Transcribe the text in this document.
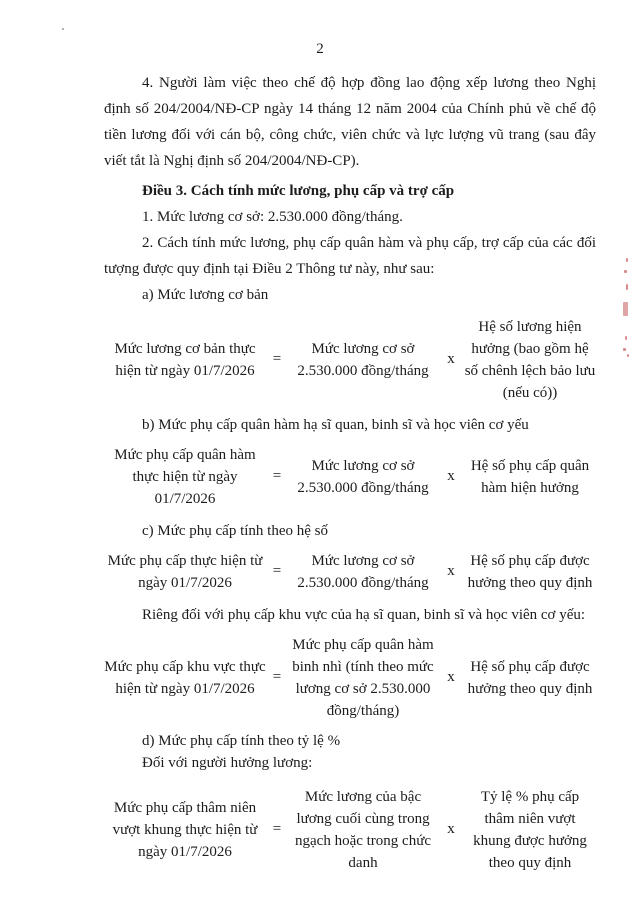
2

4. Người làm việc theo chế độ hợp đồng lao động xếp lương theo Nghị định số 204/2004/NĐ-CP ngày 14 tháng 12 năm 2004 của Chính phủ về chế độ tiền lương đối với cán bộ, công chức, viên chức và lực lượng vũ trang (sau đây viết tắt là Nghị định số 204/2004/NĐ-CP).

Điều 3. Cách tính mức lương, phụ cấp và trợ cấp

1. Mức lương cơ sở: 2.530.000 đồng/tháng.

2. Cách tính mức lương, phụ cấp quân hàm và phụ cấp, trợ cấp của các đối tượng được quy định tại Điều 2 Thông tư này, như sau:

a) Mức lương cơ bản

Mức lương cơ bản thực hiện từ ngày 01/7/2026
=
Mức lương cơ sở 2.530.000 đồng/tháng
x
Hệ số lương hiện hưởng (bao gồm hệ số chênh lệch bảo lưu (nếu có))

b) Mức phụ cấp quân hàm hạ sĩ quan, binh sĩ và học viên cơ yếu

Mức phụ cấp quân hàm thực hiện từ ngày 01/7/2026
=
Mức lương cơ sở 2.530.000 đồng/tháng
x
Hệ số phụ cấp quân hàm hiện hưởng

c) Mức phụ cấp tính theo hệ số

Mức phụ cấp thực hiện từ ngày 01/7/2026
=
Mức lương cơ sở 2.530.000 đồng/tháng
x
Hệ số phụ cấp được hưởng theo quy định

Riêng đối với phụ cấp khu vực của hạ sĩ quan, binh sĩ và học viên cơ yếu:

Mức phụ cấp khu vực thực hiện từ ngày 01/7/2026
=
Mức phụ cấp quân hàm binh nhì (tính theo mức lương cơ sở 2.530.000 đồng/tháng)
x
Hệ số phụ cấp được hưởng theo quy định

d) Mức phụ cấp tính theo tỷ lệ %

Đối với người hưởng lương:

Mức phụ cấp thâm niên vượt khung thực hiện từ ngày 01/7/2026
=
Mức lương của bậc lương cuối cùng trong ngạch hoặc trong chức danh
x
Tỷ lệ % phụ cấp thâm niên vượt khung được hưởng theo quy định
